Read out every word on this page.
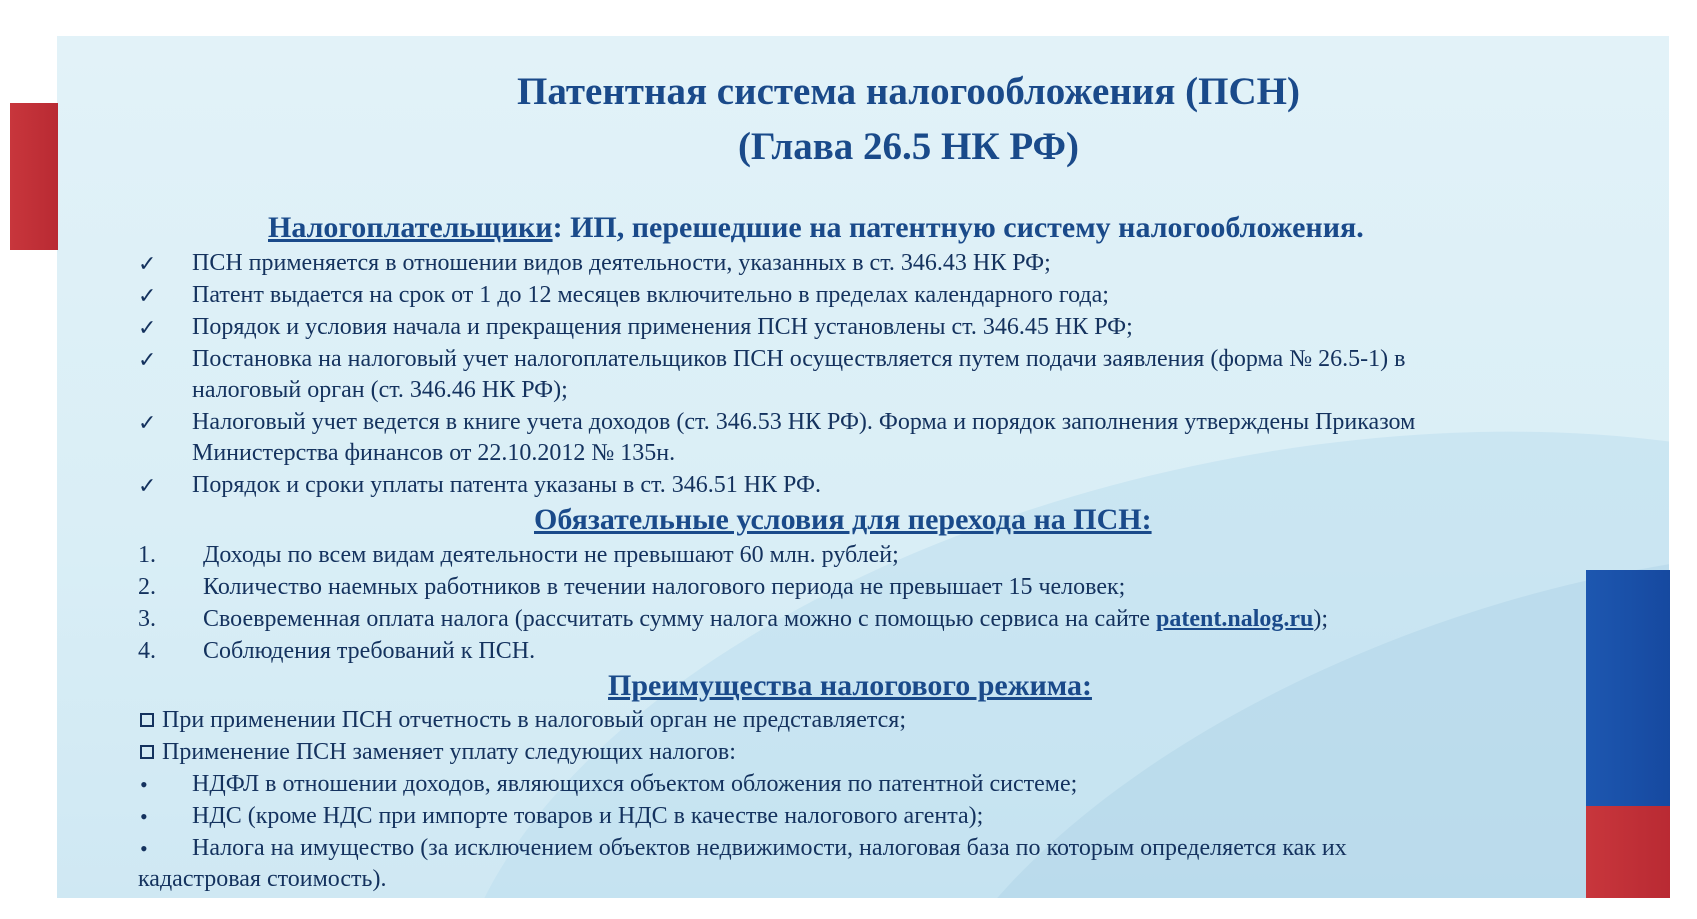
Патентная система налогообложения (ПСН)
(Глава 26.5 НК РФ)
Налогоплательщики: ИП, перешедшие на патентную систему налогообложения.
✓ ПСН применяется в отношении видов деятельности, указанных в ст. 346.43 НК РФ;
✓ Патент выдается на срок от 1 до 12 месяцев включительно в пределах календарного года;
✓ Порядок и условия начала и прекращения применения ПСН установлены ст. 346.45 НК РФ;
✓ Постановка на налоговый учет налогоплательщиков ПСН осуществляется путем подачи заявления (форма № 26.5-1) в
налоговый орган (ст. 346.46 НК РФ);
✓ Налоговый учет ведется в книге учета доходов (ст. 346.53 НК РФ). Форма и порядок заполнения утверждены Приказом
Министерства финансов от 22.10.2012 № 135н.
✓ Порядок и сроки уплаты патента указаны в ст. 346.51 НК РФ.
Обязательные условия для перехода на ПСН:
1. Доходы по всем видам деятельности не превышают 60 млн. рублей;
2. Количество наемных работников в течении налогового периода не превышает 15 человек;
3. Своевременная оплата налога (рассчитать сумму налога можно с помощью сервиса на сайте patent.nalog.ru);
4. Соблюдения требований к ПСН.
Преимущества налогового режима:
При применении ПСН отчетность в налоговый орган не представляется;
Применение ПСН заменяет уплату следующих налогов:
• НДФЛ в отношении доходов, являющихся объектом обложения по патентной системе;
• НДС (кроме НДС при импорте товаров и НДС в качестве налогового агента);
• Налога на имущество (за исключением объектов недвижимости, налоговая база по которым определяется как их
кадастровая стоимость).
